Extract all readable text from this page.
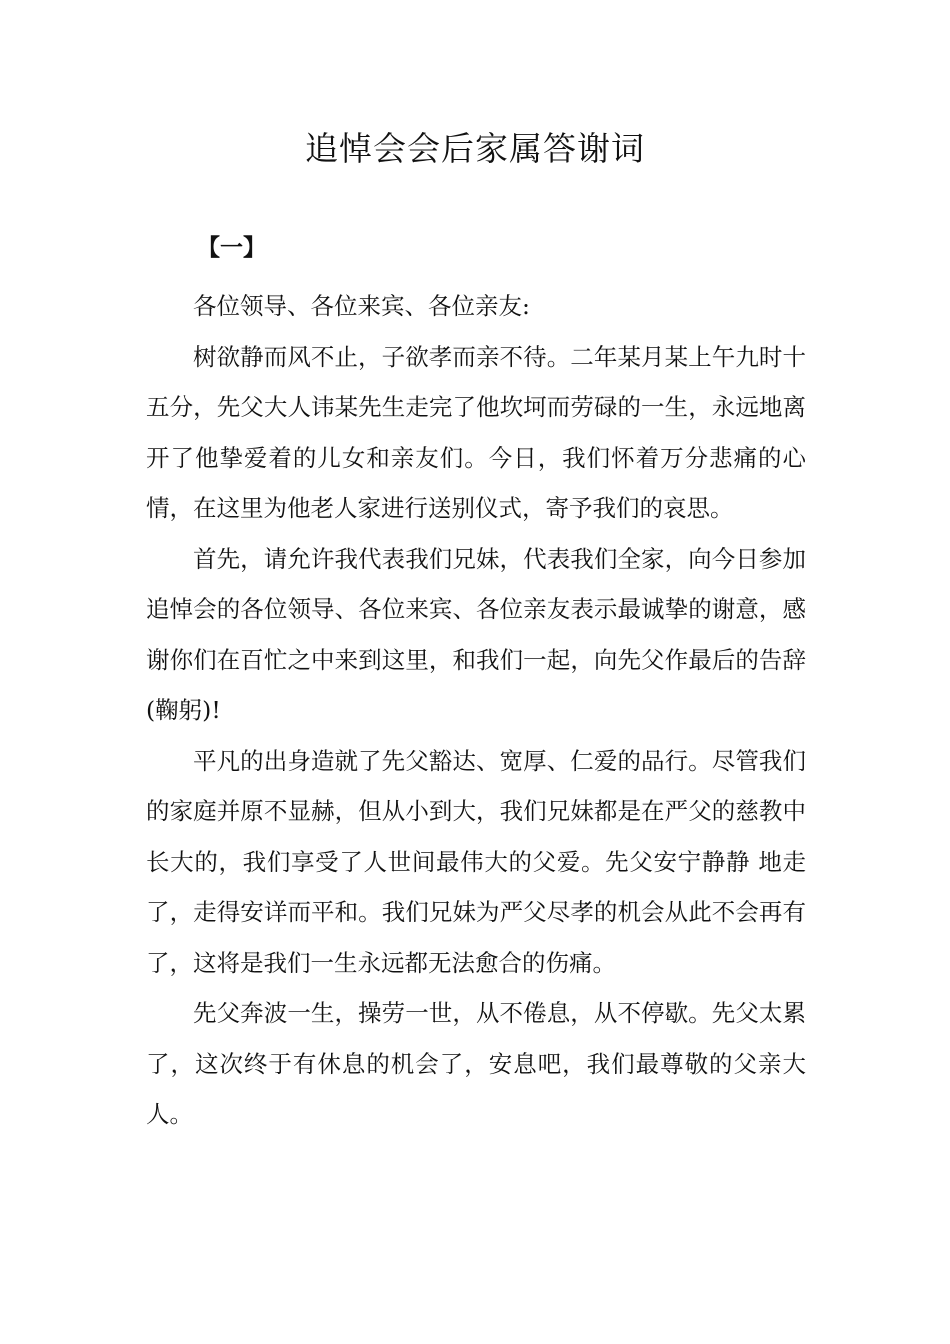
追悼会会后家属答谢词
【一】

各位领导、各位来宾、各位亲友:

树欲静而风不止，子欲孝而亲不待。二年某月某上午九时十五分，先父大人讳某先生走完了他坎坷而劳碌的一生，永远地离开了他挚爱着的儿女和亲友们。今日，我们怀着万分悲痛的心情，在这里为他老人家进行送别仪式，寄予我们的哀思。

首先，请允许我代表我们兄妹，代表我们全家，向今日参加追悼会的各位领导、各位来宾、各位亲友表示最诚挚的谢意，感谢你们在百忙之中来到这里，和我们一起，向先父作最后的告辞(鞠躬)!

平凡的出身造就了先父豁达、宽厚、仁爱的品行。尽管我们的家庭并原不显赫，但从小到大，我们兄妹都是在严父的慈教中长大的，我们享受了人世间最伟大的父爱。先父安宁静静 地走了，走得安详而平和。我们兄妹为严父尽孝的机会从此不会再有了，这将是我们一生永远都无法愈合的伤痛。

先父奔波一生，操劳一世，从不倦息，从不停歇。先父太累了，这次终于有休息的机会了，安息吧，我们最尊敬的父亲大人。
